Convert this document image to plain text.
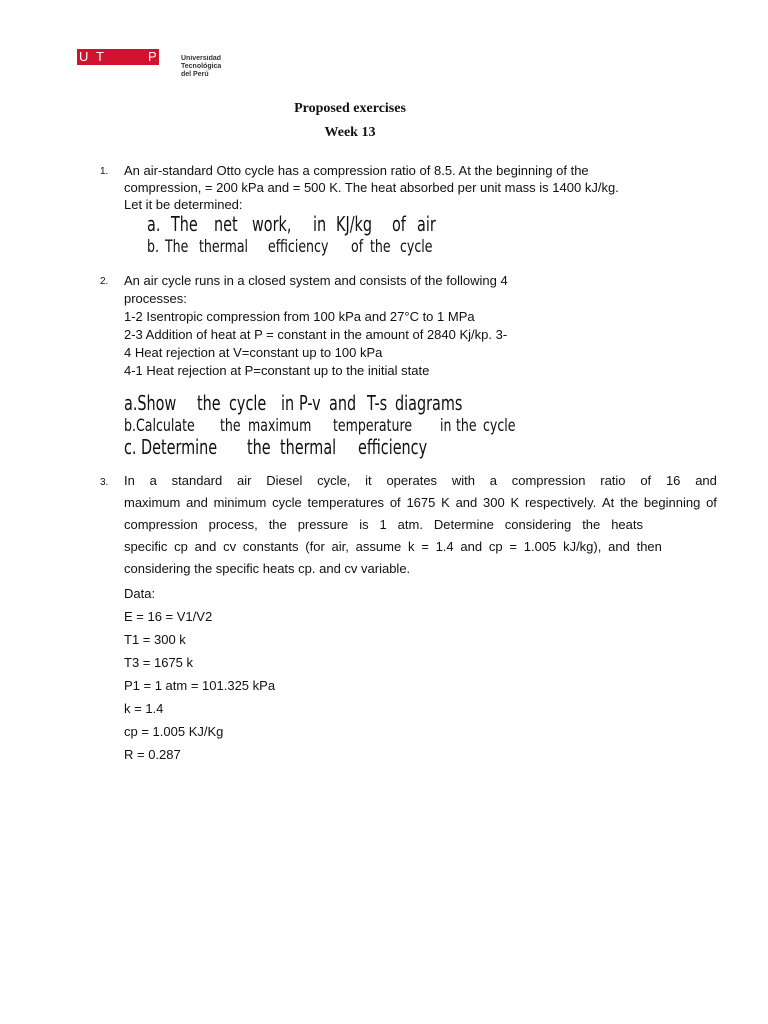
U T	P	Universidad
Tecnológica
del Perú
Proposed exercises
Week 13
1. An air-standard Otto cycle has a compression ratio of 8.5. At the beginning of the
compression, = 200 kPa and = 500 K. The heat absorbed per unit mass is 1400 kJ/kg.
Let it be determined:
a. The net work, in KJ/kg of air
b. The thermal efficiency of the cycle
2. An air cycle runs in a closed system and consists of the following 4
processes:
1-2 Isentropic compression from 100 kPa and 27°C to 1 MPa
2-3 Addition of heat at P = constant in the amount of 2840 Kj/kp. 3-
4 Heat rejection at V=constant up to 100 kPa
4-1 Heat rejection at P=constant up to the initial state
a.Show the cycle in P-v and T-s diagrams
b.Calculate the maximum temperature in the cycle
c. Determine the thermal efficiency
3. In a standard air Diesel cycle, it operates with a compression ratio of 16 and
maximum and minimum cycle temperatures of 1675 K and 300 K respectively. At the beginning of
compression process, the pressure is 1 atm. Determine considering the heats
specific cp and cv constants (for air, assume k = 1.4 and cp = 1.005 kJ/kg), and then
considering the specific heats cp. and cv variable.
Data:
E = 16 = V1/V2
T1 = 300 k
T3 = 1675 k
P1 = 1 atm = 101.325 kPa
k = 1.4
cp = 1.005 KJ/Kg
R = 0.287
